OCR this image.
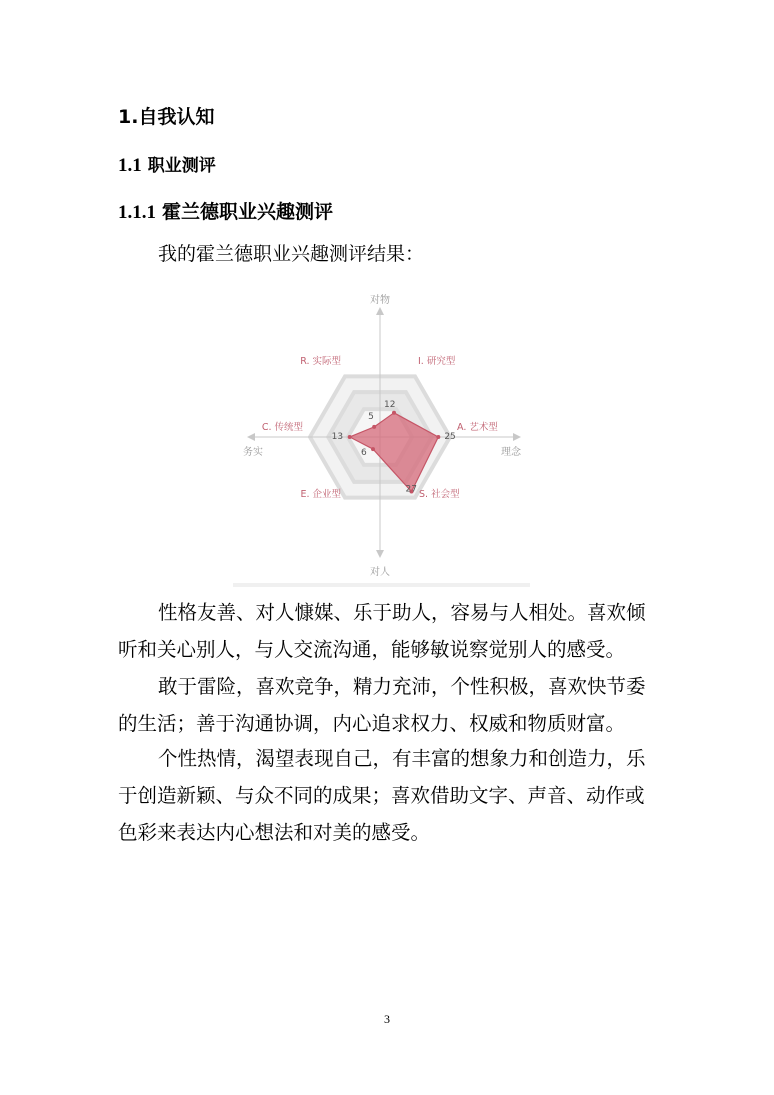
1.自我认知
1.1 职业测评
1.1.1 霍兰德职业兴趣测评
我的霍兰德职业兴趣测评结果：
对物
对人
务实	理念
12
25
27
6
13
5
I. 研究型
A. 艺术型
S. 社会型
E. 企业型
C. 传统型
R. 实际型
性格友善、对人慷媒、乐于助人，容易与人相处。喜欢倾听和关心别人，与人交流沟通，能够敏说察觉别人的感受。
敢于雷险，喜欢竞争，精力充沛，个性积极，喜欢快节委的生活；善于沟通协调，内心追求权力、权威和物质财富。
个性热情，渴望表现自己，有丰富的想象力和创造力，乐于创造新颖、与众不同的成果；喜欢借助文字、声音、动作或色彩来表达内心想法和对美的感受。
3
